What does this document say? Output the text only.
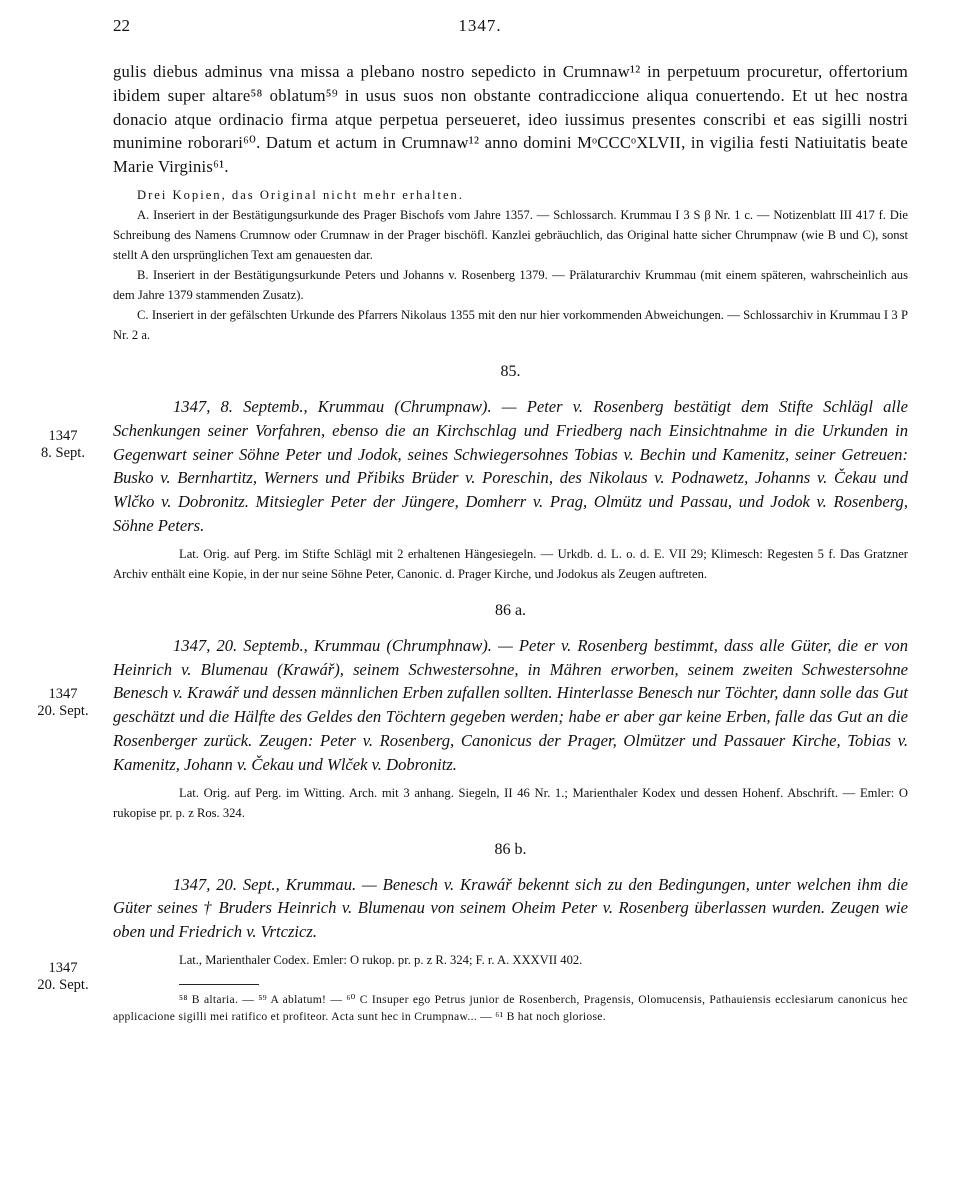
22	1347.
1347
8. Sept.
1347
20. Sept.
1347
20. Sept.

gulis diebus adminus vna missa a plebano nostro sepedicto in Crumnaw¹² in perpetuum procuretur, offertorium ibidem super altare⁵⁸ oblatum⁵⁹ in usus suos non obstante contradiccione aliqua conuertendo. Et ut hec nostra donacio atque ordinacio firma atque perpetua perseueret, ideo iussimus presentes conscribi et eas sigilli nostri munimine roborari⁶⁰. Datum et actum in Crumnaw¹² anno domini MᵒCCCᵒXLVII, in vigilia festi Natiuitatis beate Marie Virginis⁶¹.

Drei Kopien, das Original nicht mehr erhalten.

A. Inseriert in der Bestätigungsurkunde des Prager Bischofs vom Jahre 1357. — Schlossarch. Krummau I 3 S β Nr. 1 c. — Notizenblatt III 417 f. Die Schreibung des Namens Crumnow oder Crumnaw in der Prager bischöfl. Kanzlei gebräuchlich, das Original hatte sicher Chrumpnaw (wie B und C), sonst stellt A den ursprünglichen Text am genauesten dar.

B. Inseriert in der Bestätigungsurkunde Peters und Johanns v. Rosenberg 1379. — Prälaturarchiv Krummau (mit einem späteren, wahrscheinlich aus dem Jahre 1379 stammenden Zusatz).

C. Inseriert in der gefälschten Urkunde des Pfarrers Nikolaus 1355 mit den nur hier vorkommenden Abweichungen. — Schlossarchiv in Krummau I 3 P Nr. 2 a.

85.

1347, 8. Septemb., Krummau (Chrumpnaw). — Peter v. Rosenberg bestätigt dem Stifte Schlägl alle Schenkungen seiner Vorfahren, ebenso die an Kirchschlag und Friedberg nach Einsichtnahme in die Urkunden in Gegenwart seiner Söhne Peter und Jodok, seines Schwiegersohnes Tobias v. Bechin und Kamenitz, seiner Getreuen: Busko v. Bernhartitz, Werners und Přibiks Brüder v. Poreschin, des Nikolaus v. Podnawetz, Johanns v. Čekau und Wlčko v. Dobronitz. Mitsiegler Peter der Jüngere, Domherr v. Prag, Olmütz und Passau, und Jodok v. Rosenberg, Söhne Peters.

Lat. Orig. auf Perg. im Stifte Schlägl mit 2 erhaltenen Hängesiegeln. — Urkdb. d. L. o. d. E. VII 29; Klimesch: Regesten 5 f. Das Gratzner Archiv enthält eine Kopie, in der nur seine Söhne Peter, Canonic. d. Prager Kirche, und Jodokus als Zeugen auftreten.

86 a.

1347, 20. Septemb., Krummau (Chrumphnaw). — Peter v. Rosenberg bestimmt, dass alle Güter, die er von Heinrich v. Blumenau (Krawář), seinem Schwestersohne, in Mähren erworben, seinem zweiten Schwestersohne Benesch v. Krawář und dessen männlichen Erben zufallen sollten. Hinterlasse Benesch nur Töchter, dann solle das Gut geschätzt und die Hälfte des Geldes den Töchtern gegeben werden; habe er aber gar keine Erben, falle das Gut an die Rosenberger zurück. Zeugen: Peter v. Rosenberg, Canonicus der Prager, Olmützer und Passauer Kirche, Tobias v. Kamenitz, Johann v. Čekau und Wlček v. Dobronitz.

Lat. Orig. auf Perg. im Witting. Arch. mit 3 anhang. Siegeln, II 46 Nr. 1.; Marienthaler Kodex und dessen Hohenf. Abschrift. — Emler: O rukopise pr. p. z Ros. 324.

86 b.

1347, 20. Sept., Krummau. — Benesch v. Krawář bekennt sich zu den Bedingungen, unter welchen ihm die Güter seines † Bruders Heinrich v. Blumenau von seinem Oheim Peter v. Rosenberg überlassen wurden. Zeugen wie oben und Friedrich v. Vrtczicz.

Lat., Marienthaler Codex. Emler: O rukop. pr. p. z R. 324; F. r. A. XXXVII 402.

⁵⁸ B altaria. — ⁵⁹ A ablatum! — ⁶⁰ C Insuper ego Petrus junior de Rosenberch, Pragensis, Olomucensis, Pathauiensis ecclesiarum canonicus hec applicacione sigilli mei ratifico et profiteor. Acta sunt hec in Crumpnaw... — ⁶¹ B hat noch gloriose.
